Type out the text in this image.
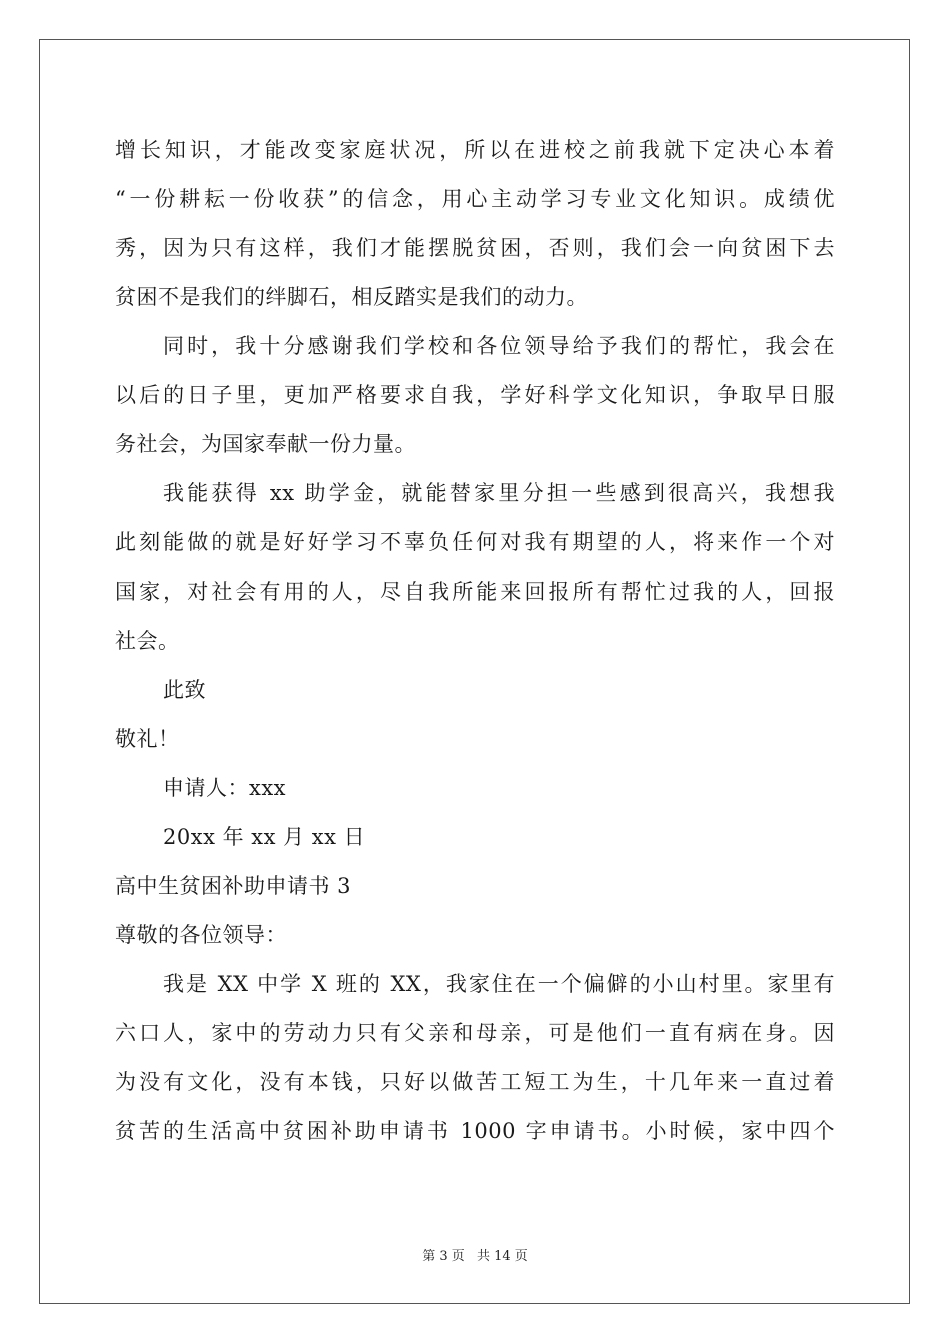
增长知识，才能改变家庭状况，所以在进校之前我就下定决心本着
“一份耕耘一份收获”的信念，用心主动学习专业文化知识。成绩优
秀，因为只有这样，我们才能摆脱贫困，否则，我们会一向贫困下去
贫困不是我们的绊脚石，相反踏实是我们的动力。
同时，我十分感谢我们学校和各位领导给予我们的帮忙，我会在
以后的日子里，更加严格要求自我，学好科学文化知识，争取早日服
务社会，为国家奉献一份力量。
我能获得 xx 助学金，就能替家里分担一些感到很高兴，我想我
此刻能做的就是好好学习不辜负任何对我有期望的人，将来作一个对
国家，对社会有用的人，尽自我所能来回报所有帮忙过我的人，回报
社会。
此致
敬礼！
申请人：xxx
20xx 年 xx 月 xx 日
高中生贫困补助申请书 3
尊敬的各位领导：
我是 XX 中学 X 班的 XX，我家住在一个偏僻的小山村里。家里有
六口人，家中的劳动力只有父亲和母亲，可是他们一直有病在身。因
为没有文化，没有本钱，只好以做苦工短工为生，十几年来一直过着
贫苦的生活高中贫困补助申请书 1000 字申请书。小时候，家中四个
第 3 页 共 14 页
